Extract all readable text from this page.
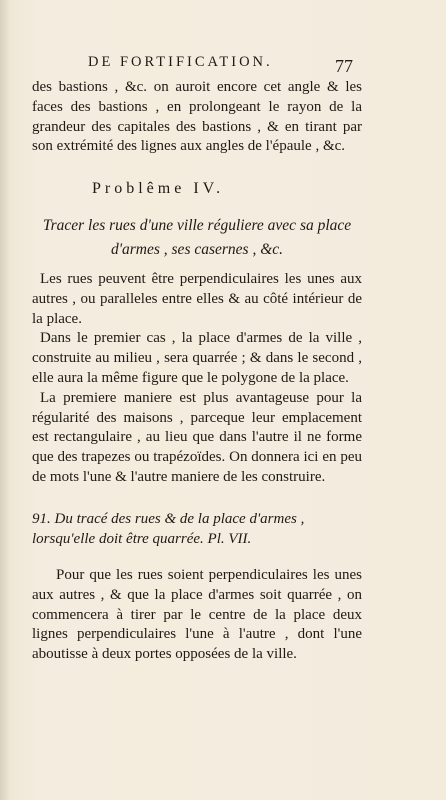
DE FORTIFICATION.	77

des bastions , &c. on auroit encore cet angle & les faces des bastions , en prolongeant le rayon de la grandeur des capitales des bastions , & en tirant par son extrémité des lignes aux angles de l'épaule , &c.

Problême IV.
Tracer les rues d'une ville réguliere avec sa place d'armes , ses casernes , &c.

Les rues peuvent être perpendiculaires les unes aux autres , ou paralleles entre elles & au côté intérieur de la place.

Dans le premier cas , la place d'armes de la ville , construite au milieu , sera quarrée ; & dans le second , elle aura la même figure que le polygone de la place.

La premiere maniere est plus avantageuse pour la régularité des maisons , parceque leur emplacement est rectangulaire , au lieu que dans l'autre il ne forme que des trapezes ou trapézoïdes. On donnera ici en peu de mots l'une & l'autre maniere de les construire.

91. Du tracé des rues & de la place d'armes , lorsqu'elle doit être quarrée. Pl. VII.

Pour que les rues soient perpendiculaires les unes aux autres , & que la place d'armes soit quarrée , on commencera à tirer par le centre de la place deux lignes perpendiculaires l'une à l'autre , dont l'une aboutisse à deux portes opposées de la ville.
